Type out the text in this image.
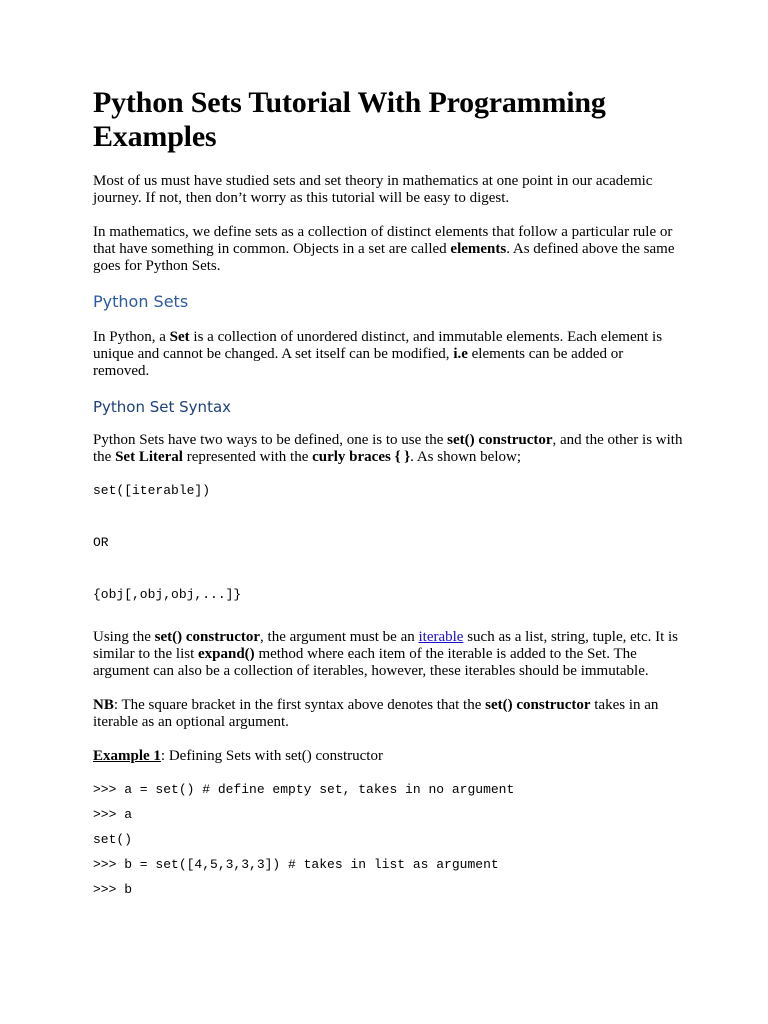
Python Sets Tutorial With Programming Examples

Most of us must have studied sets and set theory in mathematics at one point in our academic journey. If not, then don’t worry as this tutorial will be easy to digest.

In mathematics, we define sets as a collection of distinct elements that follow a particular rule or that have something in common. Objects in a set are called elements. As defined above the same goes for Python Sets.

Python Sets

In Python, a Set is a collection of unordered distinct, and immutable elements. Each element is unique and cannot be changed. A set itself can be modified, i.e elements can be added or removed.

Python Set Syntax

Python Sets have two ways to be defined, one is to use the set() constructor, and the other is with the Set Literal represented with the curly braces { }. As shown below;

set([iterable])
OR
{obj[,obj,obj,...]}

Using the set() constructor, the argument must be an iterable such as a list, string, tuple, etc. It is similar to the list expand() method where each item of the iterable is added to the Set. The argument can also be a collection of iterables, however, these iterables should be immutable.

NB: The square bracket in the first syntax above denotes that the set() constructor takes in an iterable as an optional argument.

Example 1: Defining Sets with set() constructor

>>> a = set() # define empty set, takes in no argument
>>> a
set()
>>> b = set([4,5,3,3,3]) # takes in list as argument
>>> b
